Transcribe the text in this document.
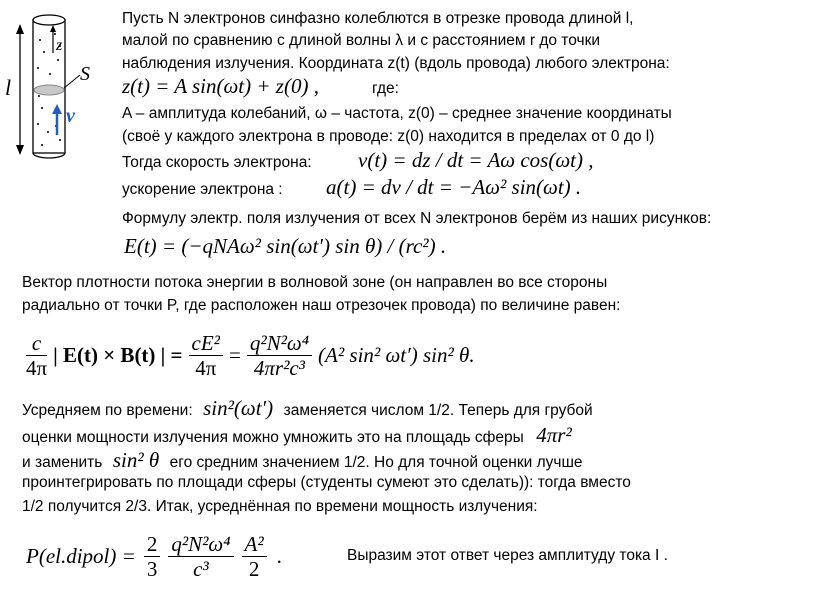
z
S
l
ν
Пусть N электронов синфазно колеблются в отрезке провода длиной l,
малой по сравнению с длиной волны λ и с расстоянием r до точки
наблюдения излучения. Координата z(t) (вдоль провода) любого электрона:
z(t) = A sin(ωt) + z(0) ,	где:
A – амплитуда колебаний, ω – частота, z(0) – среднее значение координаты
(своё у каждого электрона в проводе: z(0) находится в пределах от 0 до l)
Тогда скорость электрона: v(t) = dz / dt = Aω cos(ωt) ,
ускорение электрона : a(t) = dv / dt = −Aω² sin(ωt) .
Формулу электр. поля излучения от всех N электронов берём из наших рисунков:
E(t) = (−qNAω² sin(ωt′) sin θ) / (rc²) .
Вектор плотности потока энергии в волновой зоне (он направлен во все стороны
радиально от точки P, где расположен наш отрезочек провода) по величине равен:
$\frac{c}{4\pi}$ | E(t) × B(t) | = $\frac{\text{cE²}}{4\pi} = \frac{\text{q²N²ω⁴}}{\text{4πr²c³}} (A^2$ sin² ωt′) sin² θ.
Усредняем по времени: sin²(ωt′) заменяется числом 1/2. Теперь для грубой
оценки мощности излучения можно умножить это на площадь сферы 4πr²
и заменить sin² θ его средним значением 1/2. Но для точной оценки лучше
проинтегрировать по площади сферы (студенты сумеют это сделать)): тогда вместо
1/2 получится 2/3. Итак, усреднённая по времени мощность излучения:
P(el.dipol) = $\frac{2}{3} \frac{\text{q²N²ω⁴}}{\text{c³}} \frac{\text{A²}}{2}$ .	Выразим этот ответ через амплитуду тока I .
